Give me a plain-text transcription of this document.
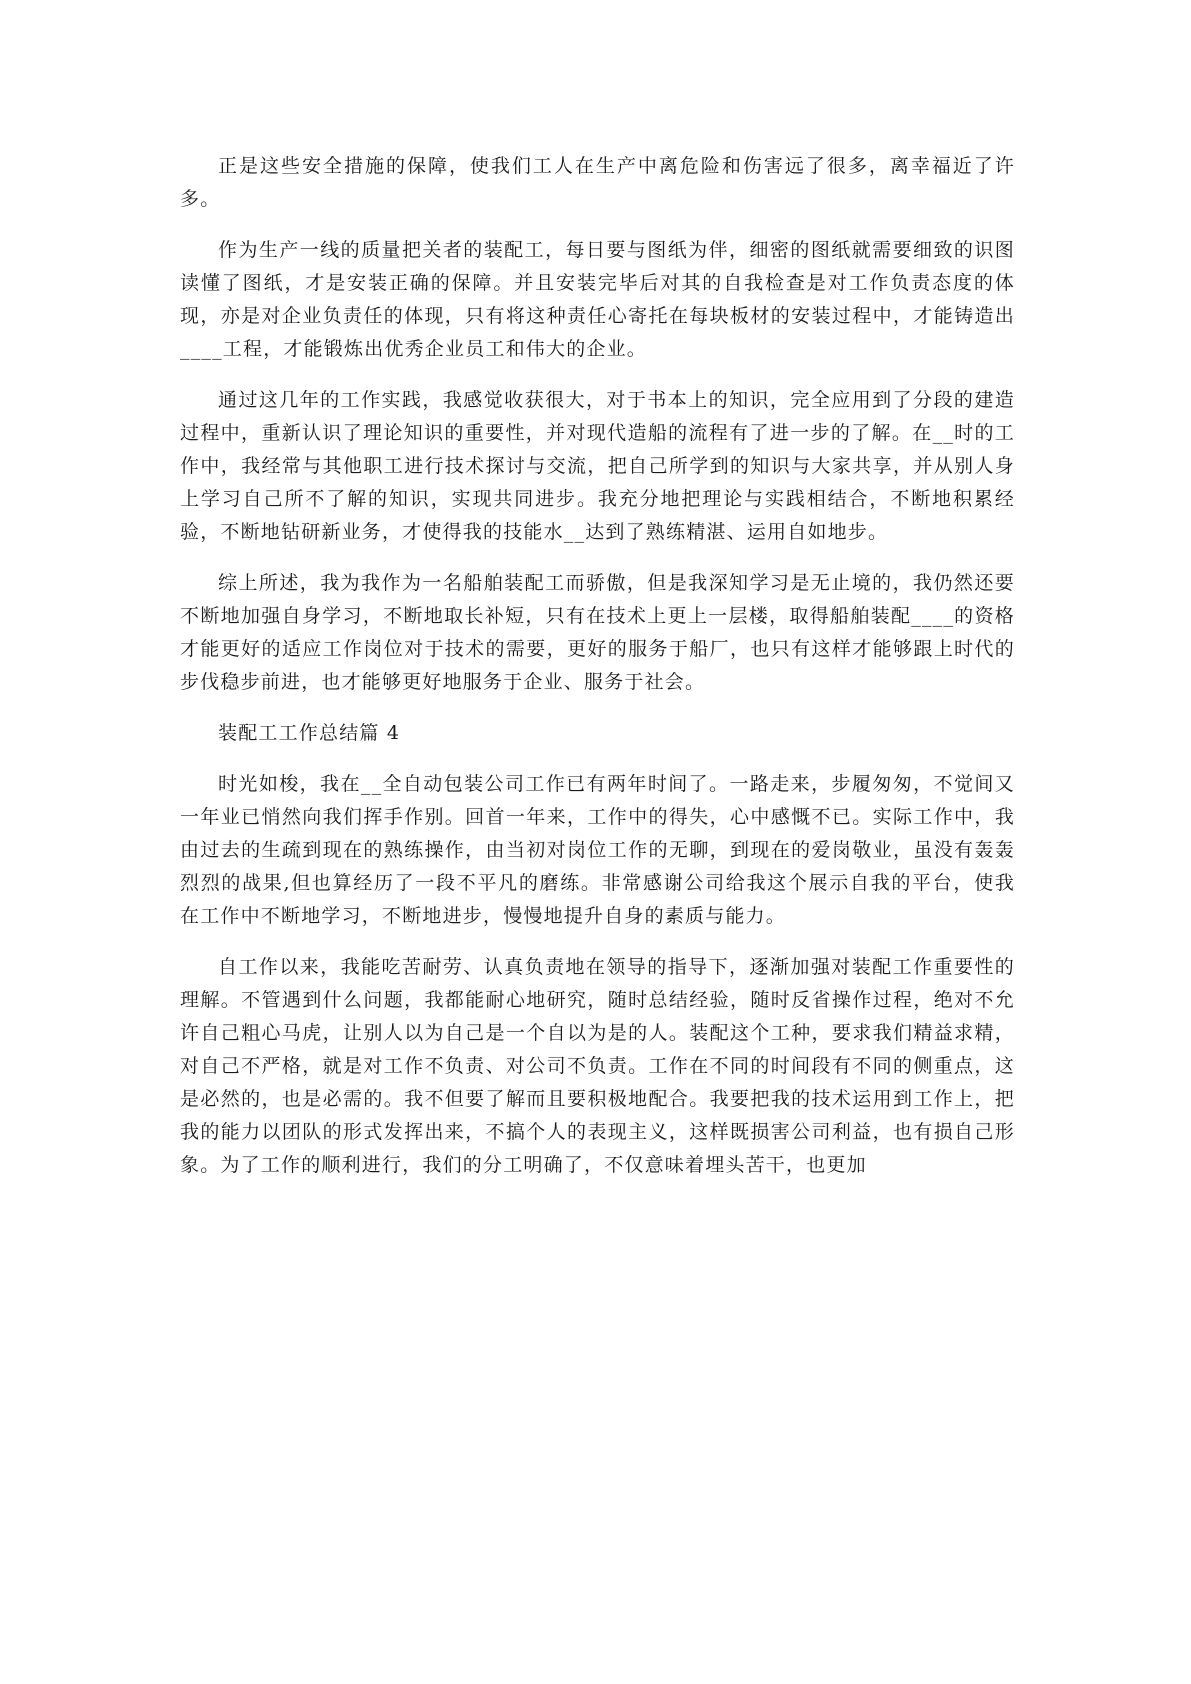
正是这些安全措施的保障，使我们工人在生产中离危险和伤害远了很多，离幸福近了许多。

作为生产一线的质量把关者的装配工，每日要与图纸为伴，细密的图纸就需要细致的识图读懂了图纸，才是安装正确的保障。并且安装完毕后对其的自我检查是对工作负责态度的体现，亦是对企业负责任的体现，只有将这种责任心寄托在每块板材的安装过程中，才能铸造出____工程，才能锻炼出优秀企业员工和伟大的企业。

通过这几年的工作实践，我感觉收获很大，对于书本上的知识，完全应用到了分段的建造过程中，重新认识了理论知识的重要性，并对现代造船的流程有了进一步的了解。在__时的工作中，我经常与其他职工进行技术探讨与交流，把自己所学到的知识与大家共享，并从别人身上学习自己所不了解的知识，实现共同进步。我充分地把理论与实践相结合，不断地积累经验，不断地钻研新业务，才使得我的技能水__达到了熟练精湛、运用自如地步。

综上所述，我为我作为一名船舶装配工而骄傲，但是我深知学习是无止境的，我仍然还要不断地加强自身学习，不断地取长补短，只有在技术上更上一层楼，取得船舶装配____的资格才能更好的适应工作岗位对于技术的需要，更好的服务于船厂，也只有这样才能够跟上时代的步伐稳步前进，也才能够更好地服务于企业、服务于社会。

装配工工作总结篇 4

时光如梭，我在__全自动包装公司工作已有两年时间了。一路走来，步履匆匆，不觉间又一年业已悄然向我们挥手作别。回首一年来，工作中的得失，心中感慨不已。实际工作中，我由过去的生疏到现在的熟练操作，由当初对岗位工作的无聊，到现在的爱岗敬业，虽没有轰轰烈烈的战果,但也算经历了一段不平凡的磨练。非常感谢公司给我这个展示自我的平台，使我在工作中不断地学习，不断地进步，慢慢地提升自身的素质与能力。

自工作以来，我能吃苦耐劳、认真负责地在领导的指导下，逐渐加强对装配工作重要性的理解。不管遇到什么问题，我都能耐心地研究，随时总结经验，随时反省操作过程，绝对不允许自己粗心马虎，让别人以为自己是一个自以为是的人。装配这个工种，要求我们精益求精，对自己不严格，就是对工作不负责、对公司不负责。工作在不同的时间段有不同的侧重点，这是必然的，也是必需的。我不但要了解而且要积极地配合。我要把我的技术运用到工作上，把我的能力以团队的形式发挥出来，不搞个人的表现主义，这样既损害公司利益，也有损自己形象。为了工作的顺利进行，我们的分工明确了，不仅意味着埋头苦干，也更加
